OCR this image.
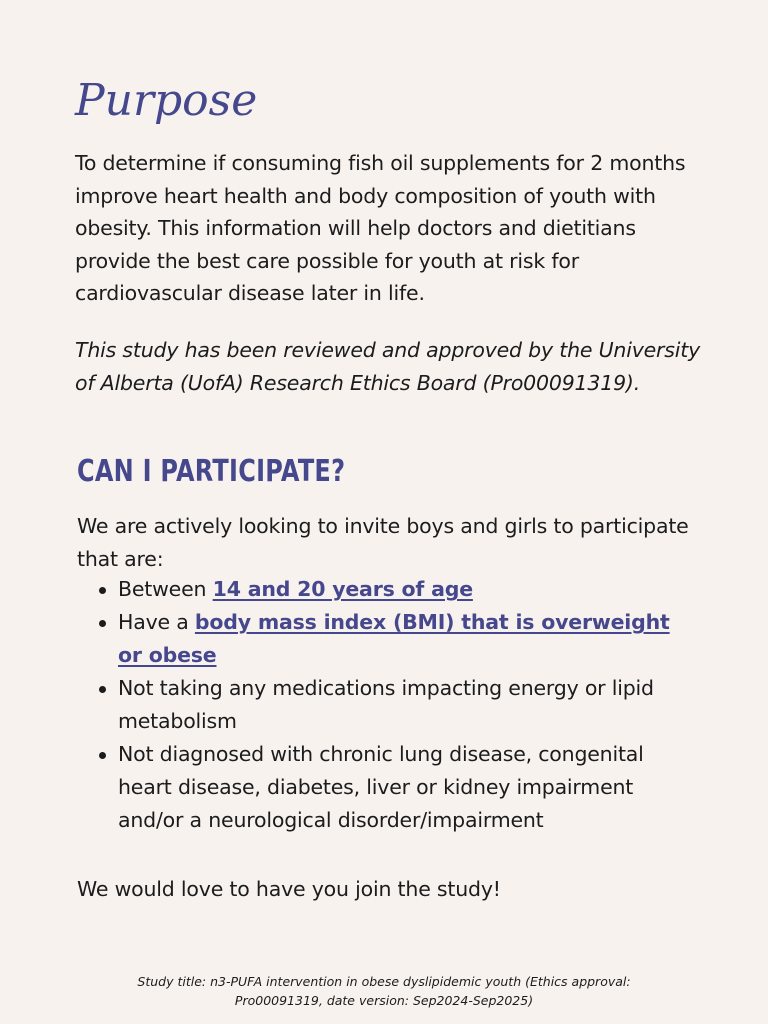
Purpose

To determine if consuming fish oil supplements for 2 months improve heart health and body composition of youth with obesity. This information will help doctors and dietitians provide the best care possible for youth at risk for cardiovascular disease later in life.

This study has been reviewed and approved by the University of Alberta (UofA) Research Ethics Board (Pro00091319).

CAN I PARTICIPATE?

We are actively looking to invite boys and girls to participate that are:

Between 14 and 20 years of age
Have a body mass index (BMI) that is overweight or obese
Not taking any medications impacting energy or lipid metabolism
Not diagnosed with chronic lung disease, congenital heart disease, diabetes, liver or kidney impairment and/or a neurological disorder/impairment

We would love to have you join the study!

Study title: n3-PUFA intervention in obese dyslipidemic youth (Ethics approval: Pro00091319, date version: Sep2024-Sep2025)
